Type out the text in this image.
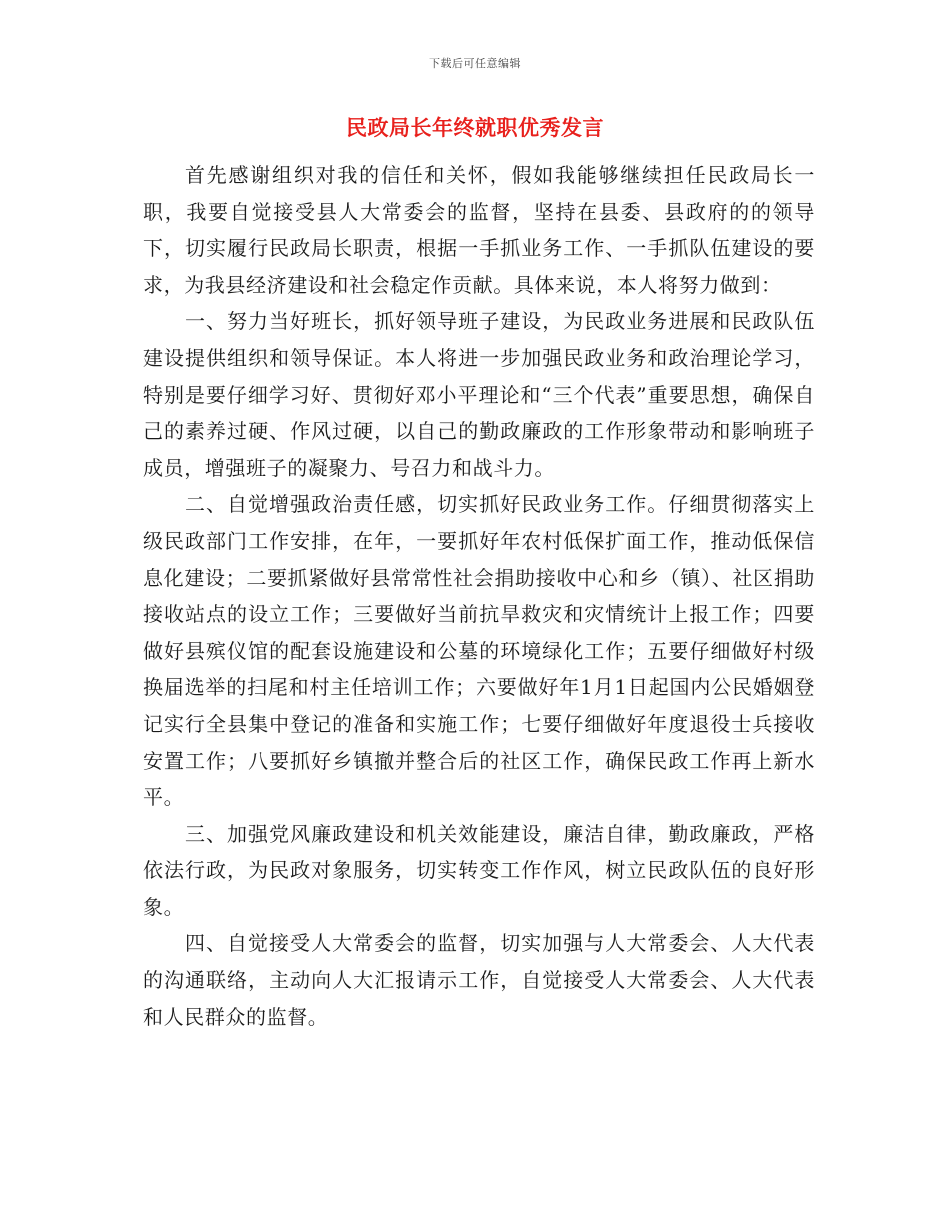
下载后可任意编辑
民政局长年终就职优秀发言

首先感谢组织对我的信任和关怀，假如我能够继续担任民政局长一职，我要自觉接受县人大常委会的监督，坚持在县委、县政府的的领导下，切实履行民政局长职责，根据一手抓业务工作、一手抓队伍建设的要求，为我县经济建设和社会稳定作贡献。具体来说，本人将努力做到：

一、努力当好班长，抓好领导班子建设，为民政业务进展和民政队伍建设提供组织和领导保证。本人将进一步加强民政业务和政治理论学习，特别是要仔细学习好、贯彻好邓小平理论和“三个代表”重要思想，确保自己的素养过硬、作风过硬，以自己的勤政廉政的工作形象带动和影响班子成员，增强班子的凝聚力、号召力和战斗力。

二、自觉增强政治责任感，切实抓好民政业务工作。仔细贯彻落实上级民政部门工作安排，在年，一要抓好年农村低保扩面工作，推动低保信息化建设；二要抓紧做好县常常性社会捐助接收中心和乡（镇）、社区捐助接收站点的设立工作；三要做好当前抗旱救灾和灾情统计上报工作；四要做好县殡仪馆的配套设施建设和公墓的环境绿化工作；五要仔细做好村级换届选举的扫尾和村主任培训工作；六要做好年1月1日起国内公民婚姻登记实行全县集中登记的准备和实施工作；七要仔细做好年度退役士兵接收安置工作；八要抓好乡镇撤并整合后的社区工作，确保民政工作再上新水平。

三、加强党风廉政建设和机关效能建设，廉洁自律，勤政廉政，严格依法行政，为民政对象服务，切实转变工作作风，树立民政队伍的良好形象。

四、自觉接受人大常委会的监督，切实加强与人大常委会、人大代表的沟通联络，主动向人大汇报请示工作，自觉接受人大常委会、人大代表和人民群众的监督。
